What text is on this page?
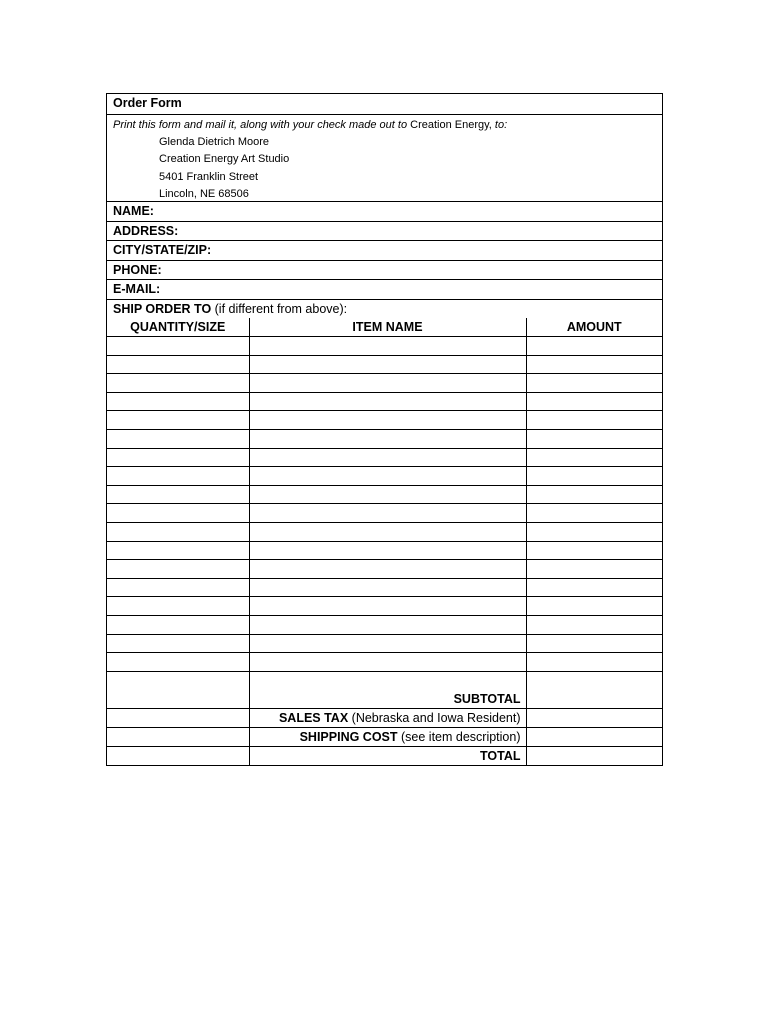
Order Form
Print this form and mail it, along with your check made out to Creation Energy, to:
Glenda Dietrich Moore
Creation Energy Art Studio
5401 Franklin Street
Lincoln, NE 68506
NAME:
ADDRESS:
CITY/STATE/ZIP:
PHONE:
E-MAIL:
SHIP ORDER TO (if different from above):
QUANTITY/SIZE	ITEM NAME	AMOUNT

	SUBTOTAL	
	SALES TAX (Nebraska and Iowa Resident)	
	SHIPPING COST (see item description)	
	TOTAL	
